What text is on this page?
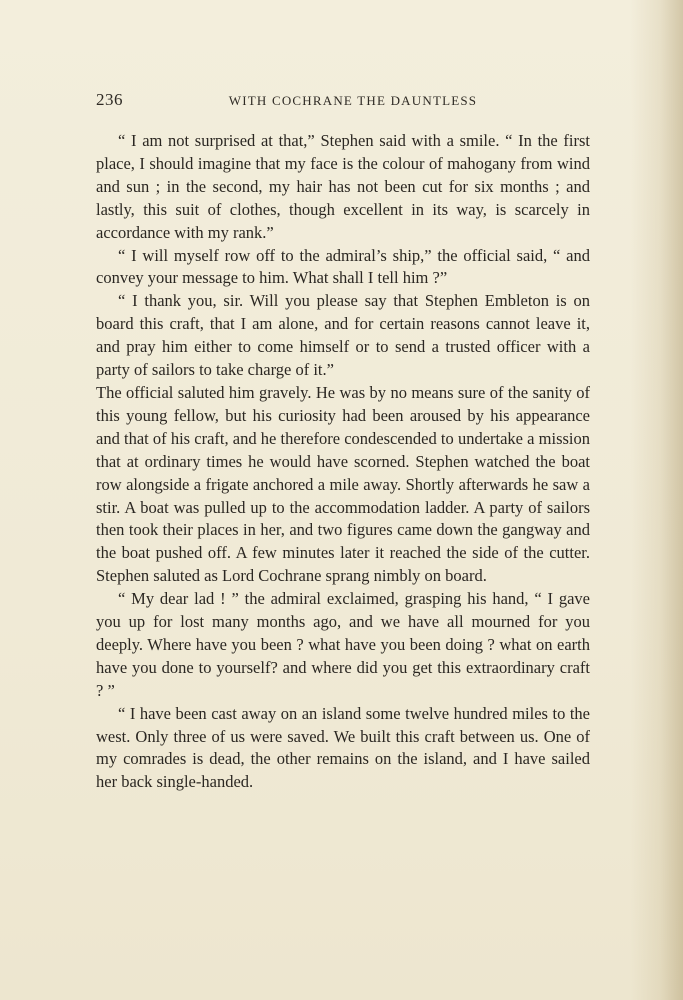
236	WITH COCHRANE THE DAUNTLESS

“ I am not surprised at that,” Stephen said with a smile. “ In the first place, I should imagine that my face is the colour of mahogany from wind and sun ; in the second, my hair has not been cut for six months ; and lastly, this suit of clothes, though excellent in its way, is scarcely in accordance with my rank.”

“ I will myself row off to the admiral’s ship,” the official said, “ and convey your message to him. What shall I tell him ?”

“ I thank you, sir. Will you please say that Stephen Embleton is on board this craft, that I am alone, and for certain reasons cannot leave it, and pray him either to come himself or to send a trusted officer with a party of sailors to take charge of it.”

The official saluted him gravely. He was by no means sure of the sanity of this young fellow, but his curiosity had been aroused by his appearance and that of his craft, and he therefore condescended to undertake a mission that at ordinary times he would have scorned. Stephen watched the boat row alongside a frigate anchored a mile away. Shortly afterwards he saw a stir. A boat was pulled up to the accommodation ladder. A party of sailors then took their places in her, and two figures came down the gangway and the boat pushed off. A few minutes later it reached the side of the cutter. Stephen saluted as Lord Cochrane sprang nimbly on board.

“ My dear lad ! ” the admiral exclaimed, grasping his hand, “ I gave you up for lost many months ago, and we have all mourned for you deeply. Where have you been ? what have you been doing ? what on earth have you done to yourself? and where did you get this extraordinary craft ? ”

“ I have been cast away on an island some twelve hundred miles to the west. Only three of us were saved. We built this craft between us. One of my comrades is dead, the other remains on the island, and I have sailed her back single-handed.
